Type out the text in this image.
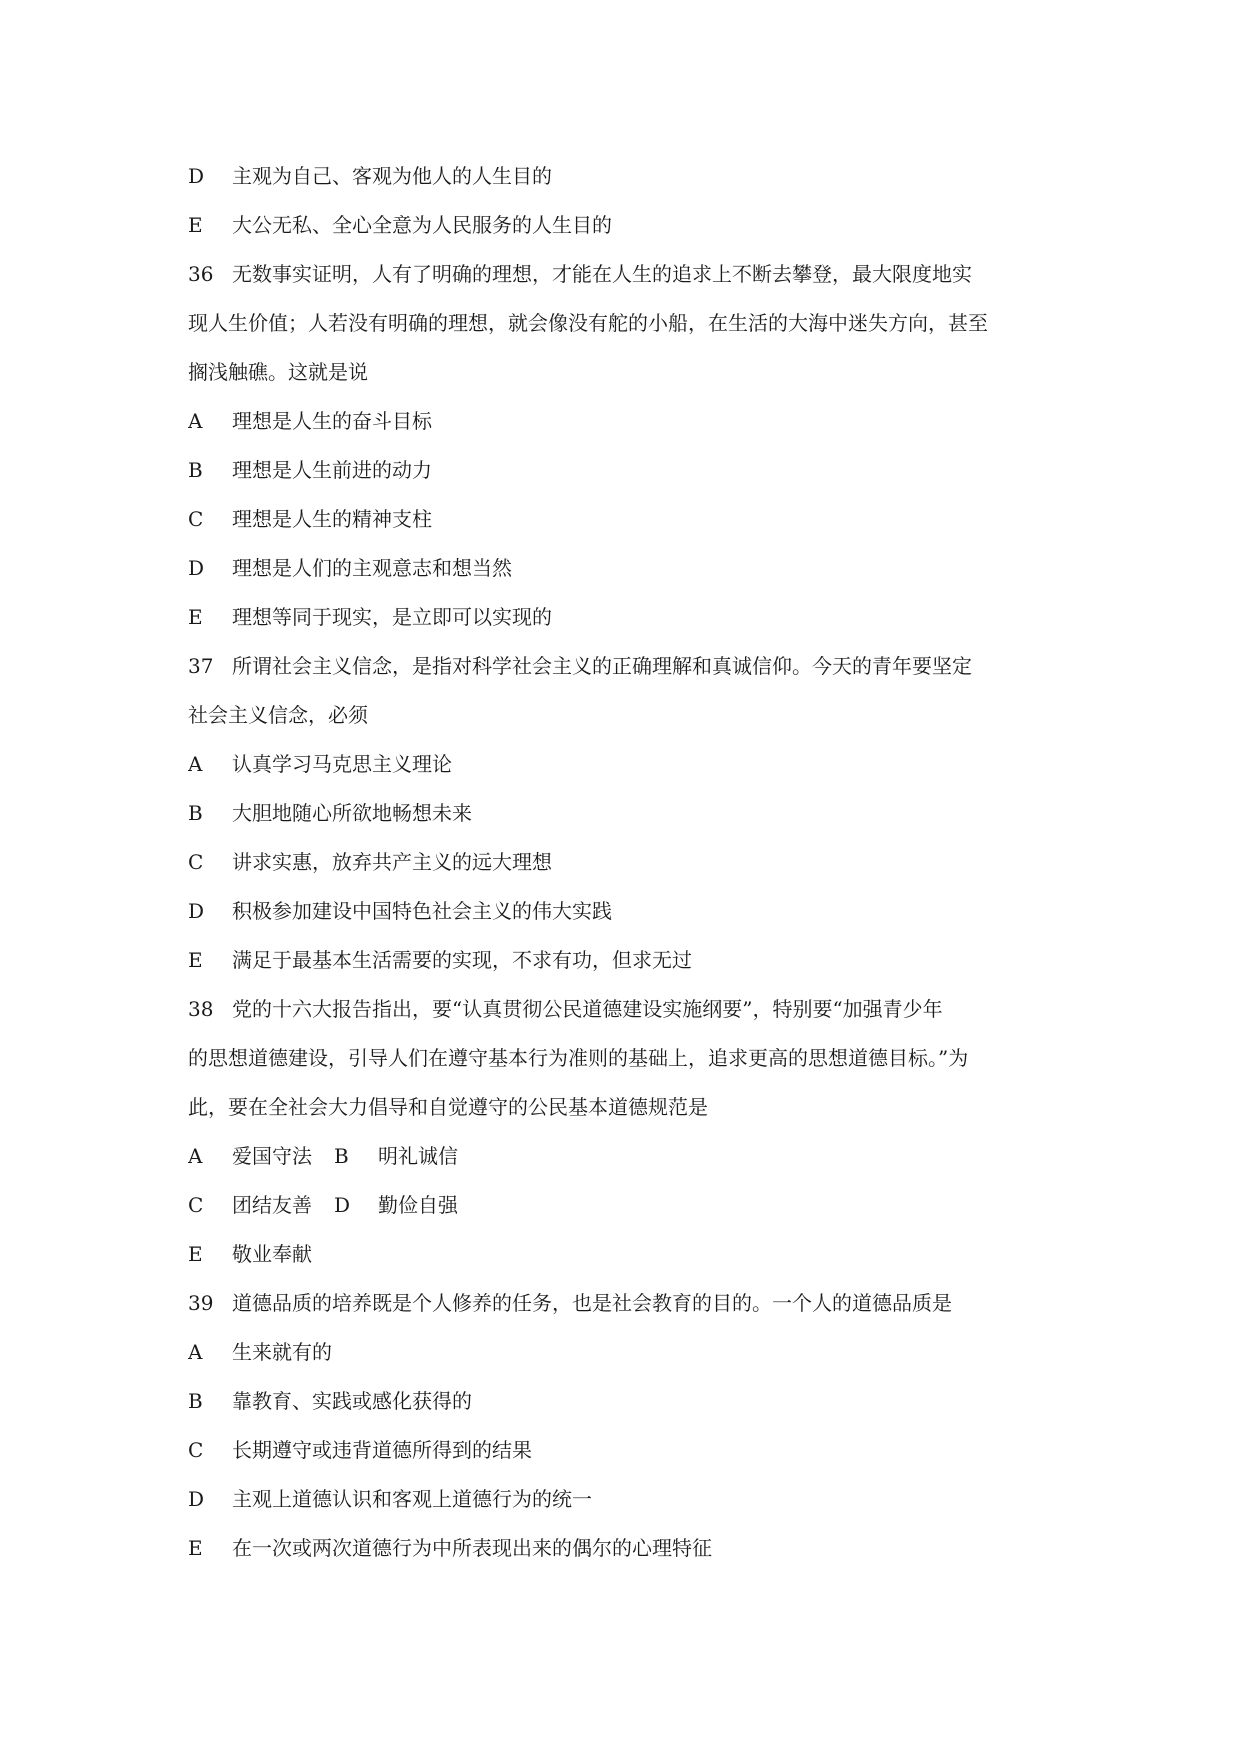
D 主观为自己、客观为他人的人生目的
E 大公无私、全心全意为人民服务的人生目的
36 无数事实证明，人有了明确的理想，才能在人生的追求上不断去攀登，最大限度地实
现人生价值；人若没有明确的理想，就会像没有舵的小船，在生活的大海中迷失方向，甚至
搁浅触礁。这就是说
A 理想是人生的奋斗目标
B 理想是人生前进的动力
C 理想是人生的精神支柱
D 理想是人们的主观意志和想当然
E 理想等同于现实，是立即可以实现的
37 所谓社会主义信念，是指对科学社会主义的正确理解和真诚信仰。今天的青年要坚定
社会主义信念，必须
A 认真学习马克思主义理论
B 大胆地随心所欲地畅想未来
C 讲求实惠，放弃共产主义的远大理想
D 积极参加建设中国特色社会主义的伟大实践
E 满足于最基本生活需要的实现，不求有功，但求无过
38 党的十六大报告指出，要“认真贯彻公民道德建设实施纲要”，特别要“加强青少年
的思想道德建设，引导人们在遵守基本行为准则的基础上，追求更高的思想道德目标。”为
此，要在全社会大力倡导和自觉遵守的公民基本道德规范是
A 爱国守法 B 明礼诚信
C 团结友善 D 勤俭自强
E 敬业奉献
39 道德品质的培养既是个人修养的任务，也是社会教育的目的。一个人的道德品质是
A 生来就有的
B 靠教育、实践或感化获得的
C 长期遵守或违背道德所得到的结果
D 主观上道德认识和客观上道德行为的统一
E 在一次或两次道德行为中所表现出来的偶尔的心理特征
